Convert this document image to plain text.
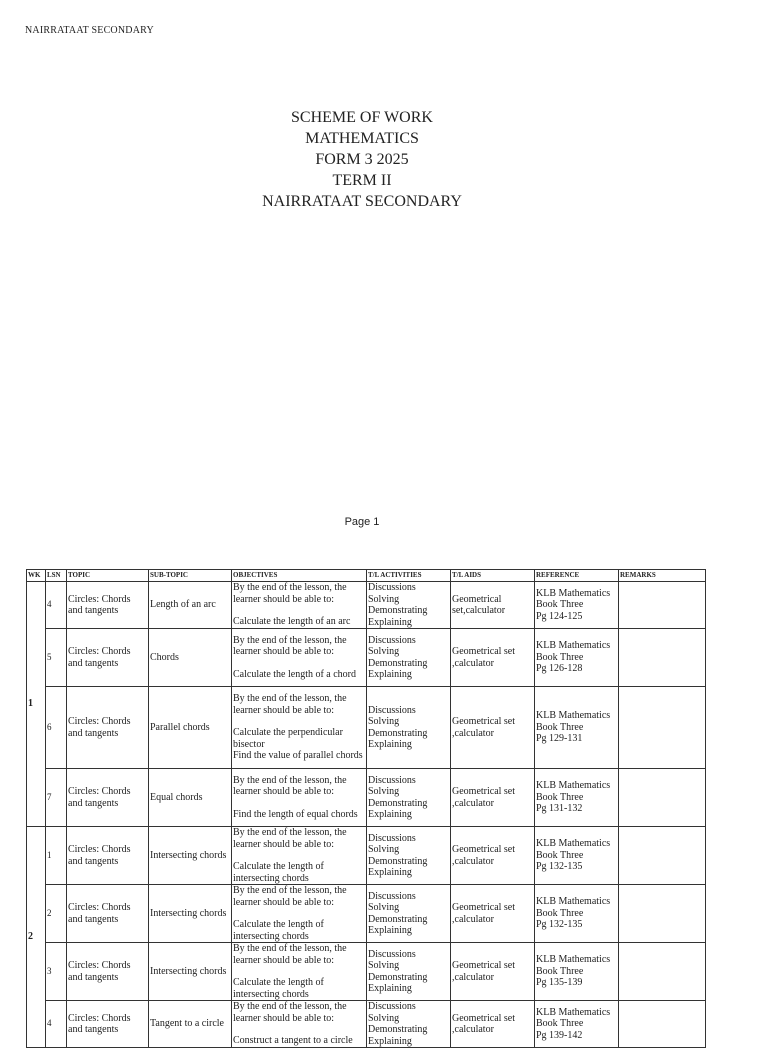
NAIRRATAAT SECONDARY
SCHEME OF WORK
MATHEMATICS
FORM 3 2025
TERM II
NAIRRATAAT SECONDARY
Page 1
WK	LSN	TOPIC	SUB-TOPIC	OBJECTIVES	T/L ACTIVITIES	T/L AIDS	REFERENCE	REMARKS
1	4	Circles: Chords and tangents	Length of an arc	By the end of the lesson, the learner should be able to:
Calculate the length of an arc	Discussions
Solving
Demonstrating
Explaining	Geometrical set,calculator	KLB Mathematics
Book Three
Pg 124-125	

	5	Circles: Chords and tangents	Chords	By the end of the lesson, the learner should be able to:
Calculate the length of a chord	Discussions
Solving
Demonstrating
Explaining	Geometrical set ,calculator	KLB Mathematics
Book Three
Pg 126-128	

	6	Circles: Chords and tangents	Parallel chords	By the end of the lesson, the learner should be able to:
Calculate the perpendicular bisector
Find the value of parallel chords	Discussions
Solving
Demonstrating
Explaining	Geometrical set ,calculator	KLB Mathematics
Book Three
Pg 129-131	

	7	Circles: Chords and tangents	Equal chords	By the end of the lesson, the learner should be able to:
Find the length of equal chords	Discussions
Solving
Demonstrating
Explaining	Geometrical set ,calculator	KLB Mathematics
Book Three
Pg 131-132	

2	1	Circles: Chords and tangents	Intersecting chords	By the end of the lesson, the learner should be able to:
Calculate the length of intersecting chords	Discussions
Solving
Demonstrating
Explaining	Geometrical set ,calculator	KLB Mathematics
Book Three
Pg 132-135	

	2	Circles: Chords and tangents	Intersecting chords	By the end of the lesson, the learner should be able to:
Calculate the length of intersecting chords	Discussions
Solving
Demonstrating
Explaining	Geometrical set ,calculator	KLB Mathematics
Book Three
Pg 132-135	

	3	Circles: Chords and tangents	Intersecting chords	By the end of the lesson, the learner should be able to:
Calculate the length of intersecting chords	Discussions
Solving
Demonstrating
Explaining	Geometrical set ,calculator	KLB Mathematics
Book Three
Pg 135-139	

	4	Circles: Chords and tangents	Tangent to a circle	By the end of the lesson, the learner should be able to:
Construct a tangent to a circle	Discussions
Solving
Demonstrating
Explaining	Geometrical set ,calculator	KLB Mathematics
Book Three
Pg 139-142	
